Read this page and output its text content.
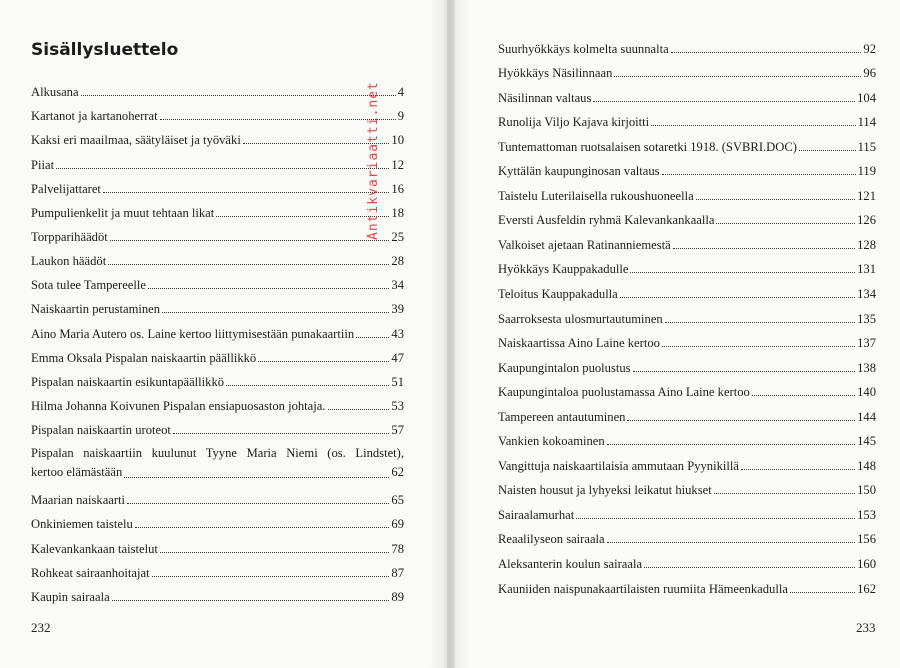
Sisällysluettelo
Alkusana	4
Kartanot ja kartanoherrat	9
Kaksi eri maailmaa, säätyläiset ja työväki	10
Piiat	12
Palvelijattaret	16
Pumpulienkelit ja muut tehtaan likat	18
Torpparihäädöt	25
Laukon häädöt	28
Sota tulee Tampereelle	34
Naiskaartin perustaminen	39
Aino Maria Autero os. Laine kertoo liittymisestään punakaartiin	43
Emma Oksala Pispalan naiskaartin päällikkö	47
Pispalan naiskaartin esikuntapäällikkö	51
Hilma Johanna Koivunen Pispalan ensiapuosaston johtaja.	53
Pispalan naiskaartin uroteot	57
Pispalan naiskaartiin kuulunut Tyyne Maria Niemi (os. Lindstet),
kertoo elämästään	62
Maarian naiskaarti	65
Onkiniemen taistelu	69
Kalevankankaan taistelut	78
Rohkeat sairaanhoitajat	87
Kaupin sairaala	89

232

Suurhyökkäys kolmelta suunnalta	92
Hyökkäys Näsilinnaan	96
Näsilinnan valtaus	104
Runolija Viljo Kajava kirjoitti	114
Tuntemattoman ruotsalaisen sotaretki 1918. (SVBRI.DOC)	115
Kyttälän kaupunginosan valtaus	119
Taistelu Luterilaisella rukoushuoneella	121
Eversti Ausfeldin ryhmä Kalevankankaalla	126
Valkoiset ajetaan Ratinanniemestä	128
Hyökkäys Kauppakadulle	131
Teloitus Kauppakadulla	134
Saarroksesta ulosmurtautuminen	135
Naiskaartissa Aino Laine kertoo	137
Kaupungintalon puolustus	138
Kaupungintaloa puolustamassa Aino Laine kertoo	140
Tampereen antautuminen	144
Vankien kokoaminen	145
Vangittuja naiskaartilaisia ammutaan Pyynikillä	148
Naisten housut ja lyhyeksi leikatut hiukset	150
Sairaalamurhat	153
Reaalilyseon sairaala	156
Aleksanterin koulun sairaala	160
Kauniiden naispunakaartilaisten ruumiita Hämeenkadulla	162

233

Antikvariaatti.net
